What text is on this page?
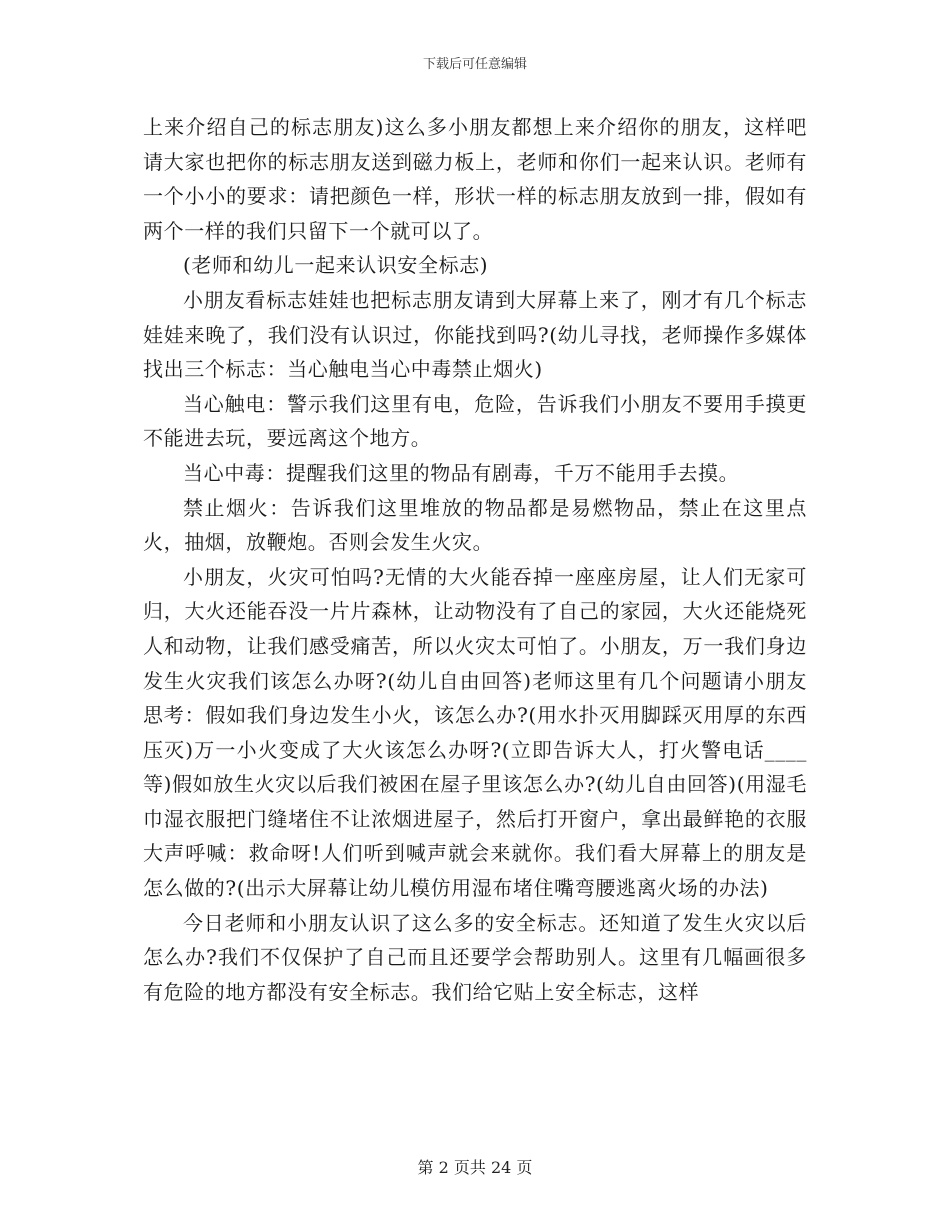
下载后可任意编辑

上来介绍自己的标志朋友)这么多小朋友都想上来介绍你的朋友，这样吧请大家也把你的标志朋友送到磁力板上，老师和你们一起来认识。老师有一个小小的要求：请把颜色一样，形状一样的标志朋友放到一排，假如有两个一样的我们只留下一个就可以了。

(老师和幼儿一起来认识安全标志)

小朋友看标志娃娃也把标志朋友请到大屏幕上来了，刚才有几个标志娃娃来晚了，我们没有认识过，你能找到吗?(幼儿寻找，老师操作多媒体找出三个标志：当心触电当心中毒禁止烟火)

当心触电：警示我们这里有电，危险，告诉我们小朋友不要用手摸更不能进去玩，要远离这个地方。

当心中毒：提醒我们这里的物品有剧毒，千万不能用手去摸。

禁止烟火：告诉我们这里堆放的物品都是易燃物品，禁止在这里点火，抽烟，放鞭炮。否则会发生火灾。

小朋友，火灾可怕吗?无情的大火能吞掉一座座房屋，让人们无家可归，大火还能吞没一片片森林，让动物没有了自己的家园，大火还能烧死人和动物，让我们感受痛苦，所以火灾太可怕了。小朋友，万一我们身边发生火灾我们该怎么办呀?(幼儿自由回答)老师这里有几个问题请小朋友思考：假如我们身边发生小火，该怎么办?(用水扑灭用脚踩灭用厚的东西压灭)万一小火变成了大火该怎么办呀?(立即告诉大人，打火警电话____等)假如放生火灾以后我们被困在屋子里该怎么办?(幼儿自由回答)(用湿毛巾湿衣服把门缝堵住不让浓烟进屋子，然后打开窗户，拿出最鲜艳的衣服大声呼喊：救命呀!人们听到喊声就会来就你。我们看大屏幕上的朋友是怎么做的?(出示大屏幕让幼儿模仿用湿布堵住嘴弯腰逃离火场的办法)

今日老师和小朋友认识了这么多的安全标志。还知道了发生火灾以后怎么办?我们不仅保护了自己而且还要学会帮助别人。这里有几幅画很多有危险的地方都没有安全标志。我们给它贴上安全标志，这样

第 2 页共 24 页
